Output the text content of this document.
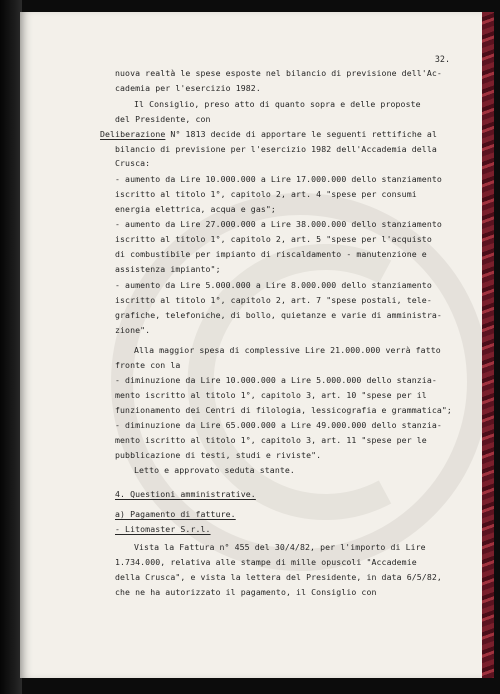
32.
nuova realtà le spese esposte nel bilancio di previsione dell'Ac-
cademia per l'esercizio 1982.
Il Consiglio, preso atto di quanto sopra e delle proposte
del Presidente, con
Deliberazione N° 1813 decide di apportare le seguenti rettifiche al
bilancio di previsione per l'esercizio 1982 dell'Accademia della
Crusca:
- aumento da Lire 10.000.000 a Lire 17.000.000 dello stanziamento
iscritto al titolo 1°, capitolo 2, art. 4 "spese per consumi
energia elettrica, acqua e gas";
- aumento da Lire 27.000.000 a Lire 38.000.000 dello stanziamento
iscritto al titolo 1°, capitolo 2, art. 5 "spese per l'acquisto
di combustibile per impianto di riscaldamento - manutenzione e
assistenza impianto";
- aumento da Lire 5.000.000 a Lire 8.000.000 dello stanziamento
iscritto al titolo 1°, capitolo 2, art. 7 "spese postali, tele-
grafiche, telefoniche, di bollo, quietanze e varie di amministra-
zione".
Alla maggior spesa di complessive Lire 21.000.000 verrà fatto
fronte con la
- diminuzione da Lire 10.000.000 a Lire 5.000.000 dello stanzia-
mento iscritto al titolo 1°, capitolo 3, art. 10 "spese per il
funzionamento dei Centri di filologia, lessicografia e grammatica";
- diminuzione da Lire 65.000.000 a Lire 49.000.000 dello stanzia-
mento iscritto al titolo 1°, capitolo 3, art. 11 "spese per le
pubblicazione di testi, studi e riviste".
Letto e approvato seduta stante.
4. Questioni amministrative.
a) Pagamento di fatture.
- Litomaster S.r.l.
Vista la Fattura n° 455 del 30/4/82, per l'importo di Lire
1.734.000, relativa alle stampe di mille opuscoli "Accademie
della Crusca", e vista la lettera del Presidente, in data 6/5/82,
che ne ha autorizzato il pagamento, il Consiglio con
